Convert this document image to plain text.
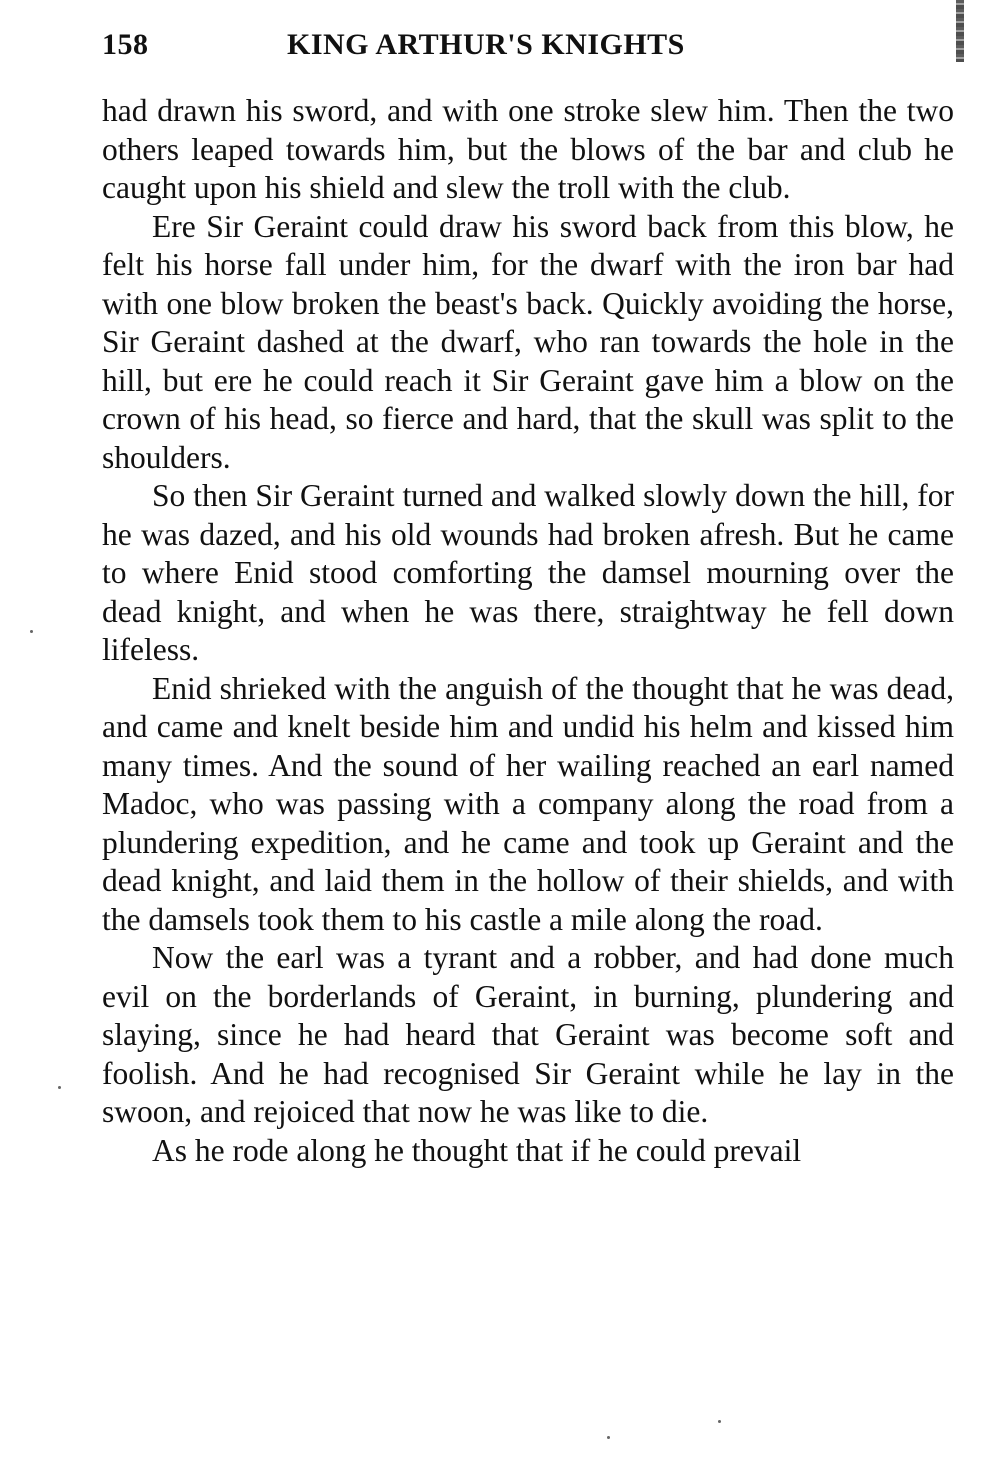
158	KING ARTHUR'S KNIGHTS

had drawn his sword, and with one stroke slew him. Then the two others leaped towards him, but the blows of the bar and club he caught upon his shield and slew the troll with the club.

Ere Sir Geraint could draw his sword back from this blow, he felt his horse fall under him, for the dwarf with the iron bar had with one blow broken the beast's back. Quickly avoiding the horse, Sir Geraint dashed at the dwarf, who ran towards the hole in the hill, but ere he could reach it Sir Geraint gave him a blow on the crown of his head, so fierce and hard, that the skull was split to the shoulders.

So then Sir Geraint turned and walked slowly down the hill, for he was dazed, and his old wounds had broken afresh. But he came to where Enid stood comforting the damsel mourning over the dead knight, and when he was there, straightway he fell down lifeless.

Enid shrieked with the anguish of the thought that he was dead, and came and knelt beside him and undid his helm and kissed him many times. And the sound of her wailing reached an earl named Madoc, who was passing with a company along the road from a plundering expedition, and he came and took up Geraint and the dead knight, and laid them in the hollow of their shields, and with the damsels took them to his castle a mile along the road.

Now the earl was a tyrant and a robber, and had done much evil on the borderlands of Geraint, in burning, plundering and slaying, since he had heard that Geraint was become soft and foolish. And he had recognised Sir Geraint while he lay in the swoon, and rejoiced that now he was like to die.

As he rode along he thought that if he could prevail
